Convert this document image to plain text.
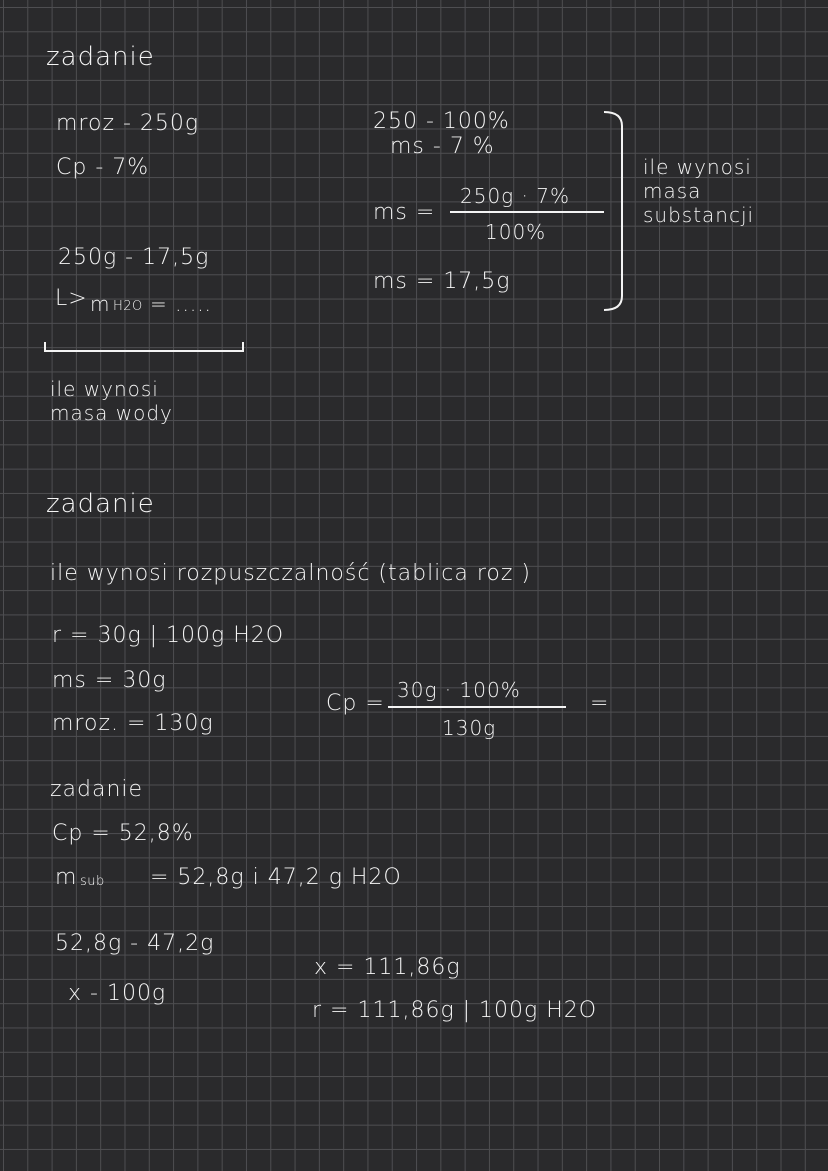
zadanie
mroz - 250g
Cp - 7%
250 - 100%
ms - 7 %
ms =
250g · 7%
100%
ms = 17,5g
ile wynosi
masa
substancji
250g - 17,5g
L> m H2O = .....
ile wynosi
masa wody
zadanie
ile wynosi rozpuszczalność (tablica roz )
r = 30g | 100g H2O
ms = 30g
mroz. = 130g
Cp =
30g · 100%
130g
=
zadanie
Cp = 52,8%
m sub = 52,8g i 47,2 g H2O
52,8g - 47,2g
x - 100g
x = 111,86g
r = 111,86g | 100g H2O
